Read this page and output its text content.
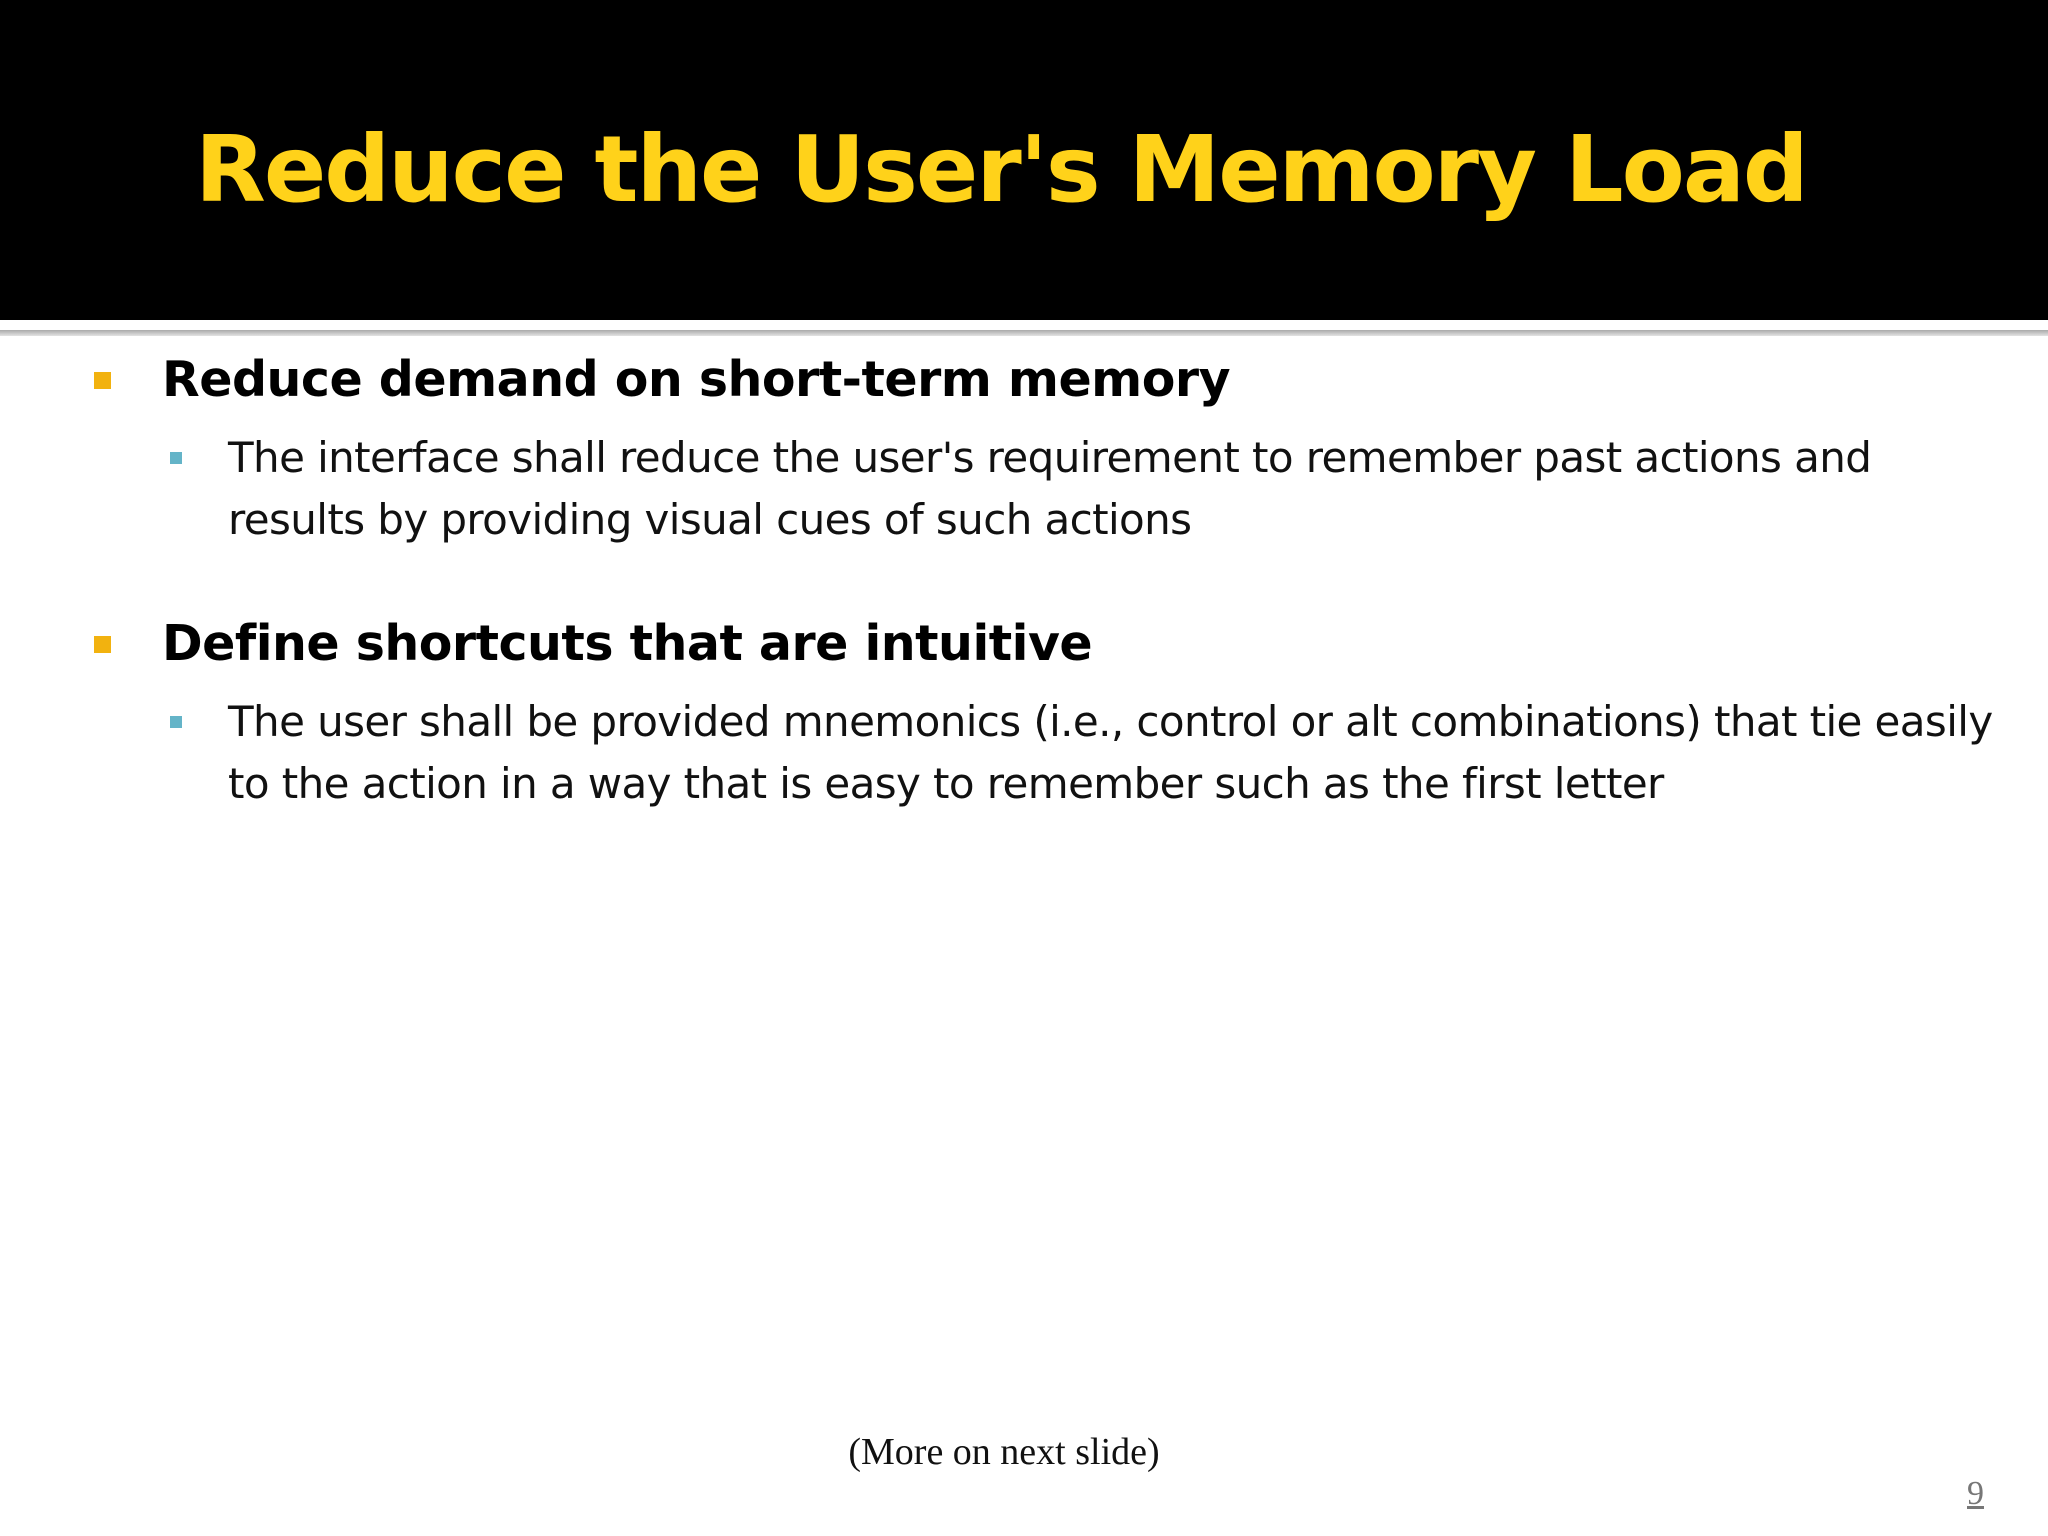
Reduce the User's Memory Load
Reduce demand on short-term memory
The interface shall reduce the user's requirement to remember past actions and results by providing visual cues of such actions
Define shortcuts that are intuitive
The user shall be provided mnemonics (i.e., control or alt combinations) that tie easily to the action in a way that is easy to remember such as the first letter
(More on next slide)
9
